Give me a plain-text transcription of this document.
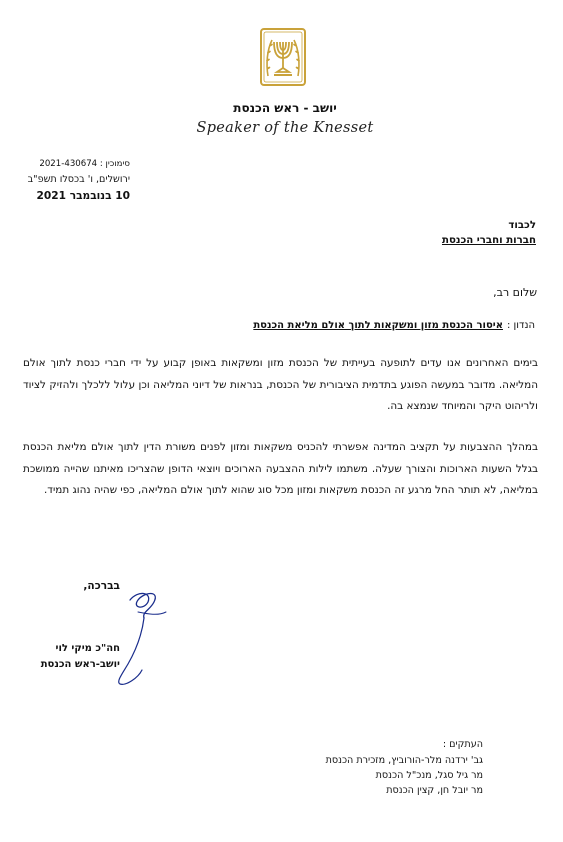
יושב - ראש הכנסת
Speaker of the Knesset
סימוכין : 2021-430674
ירושלים, ו' בכסלו תשפ"ב
10 בנובמבר 2021
לכבוד
חברות וחברי הכנסת
שלום רב,
הנדון :איסור הכנסת מזון ומשקאות לתוך אולם מליאת הכנסת
בימים האחרונים אנו עדים לתופעה בעייתית של הכנסת מזון ומשקאות באופן קבוע על ידי חברי כנסת לתוך אולם המליאה. מדובר במעשה הפוגע בתדמית הציבורית של הכנסת, בנראות של דיוני המליאה וכן עלול ללכלך ולהזיק לציוד ולריהוט היקר והמיוחד שנמצא בה.
במהלך ההצבעות על תקציב המדינה אפשרתי להכניס משקאות ומזון לפנים משורת הדין לתוך אולם מליאת הכנסת בגלל השעות הארוכות והצורך שעלה. משתמו לילות ההצבעה הארוכים ויוצאי הדופן שהצריכו מאיתנו שהייה ממושכת במליאה, לא תותר החל מרגע זה הכנסת משקאות ומזון מכל סוג שהוא לתוך אולם המליאה, כפי שהיה נהוג תמיד.
בברכה,
חה"כ מיקי לוי
יושב-ראש הכנסת
העתקים :
גב' ירדנה מלר-הורוביץ, מזכירת הכנסת
מר גיל סגל, מנכ"ל הכנסת
מר יובל חן, קצין הכנסת
